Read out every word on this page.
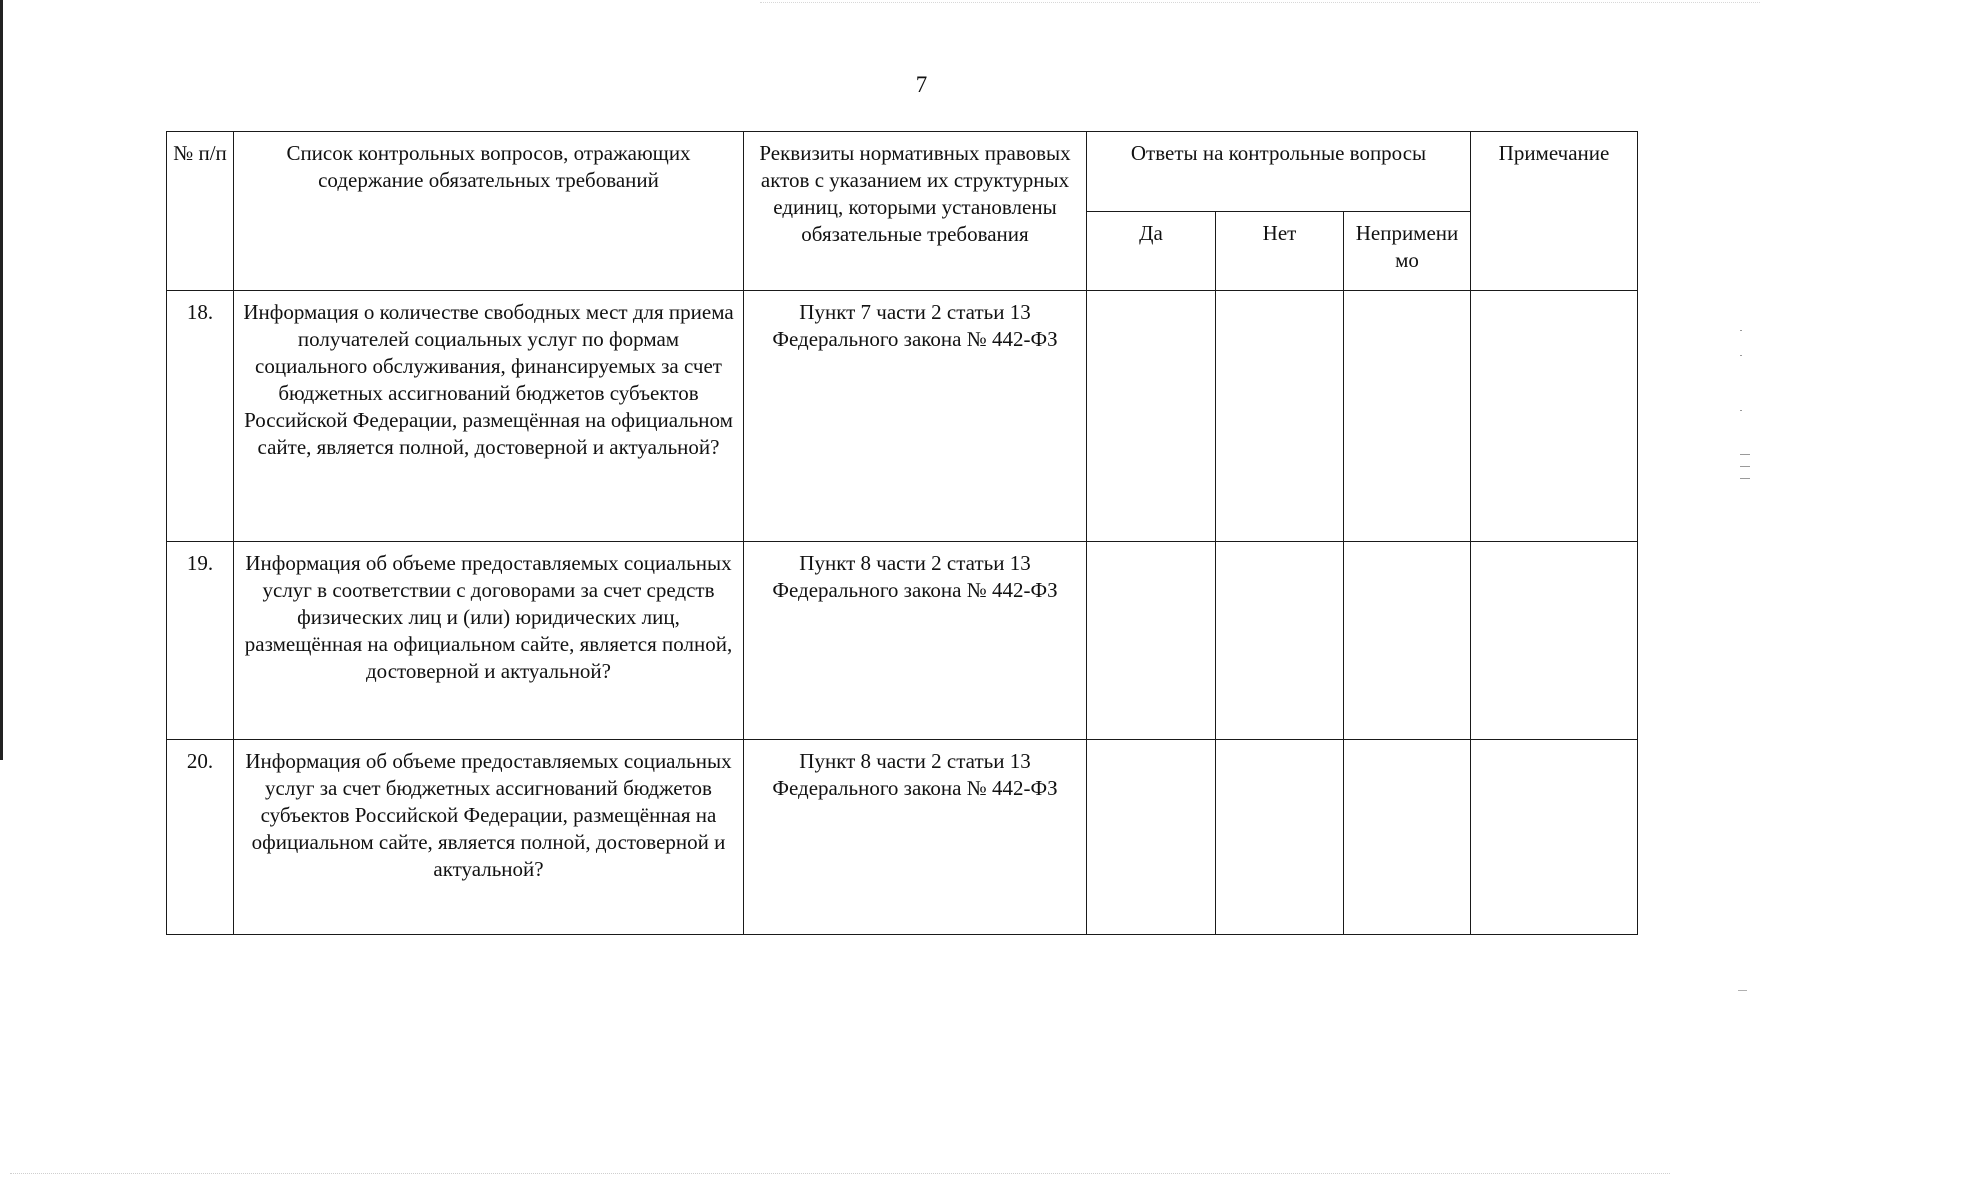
7
№ п/п	Список контрольных вопросов, отражающих содержание обязательных требований	Реквизиты нормативных правовых актов с указанием их структурных единиц, которыми установлены обязательные требования	Ответы на контрольные вопросы			Примечание
			Да	Нет	Неприменимо	
18.	Информация о количестве свободных мест для приема получателей социальных услуг по формам социального обслуживания, финансируемых за счет бюджетных ассигнований бюджетов субъектов Российской Федерации, размещённая на официальном сайте, является полной, достоверной и актуальной?	Пункт 7 части 2 статьи 13 Федерального закона № 442-ФЗ				
19.	Информация об объеме предоставляемых социальных услуг в соответствии с договорами за счет средств физических лиц и (или) юридических лиц, размещённая на официальном сайте, является полной, достоверной и актуальной?	Пункт 8 части 2 статьи 13 Федерального закона № 442-ФЗ				
20.	Информация об объеме предоставляемых социальных услуг за счет бюджетных ассигнований бюджетов субъектов Российской Федерации, размещённая на официальном сайте, является полной, достоверной и актуальной?	Пункт 8 части 2 статьи 13 Федерального закона № 442-ФЗ				
